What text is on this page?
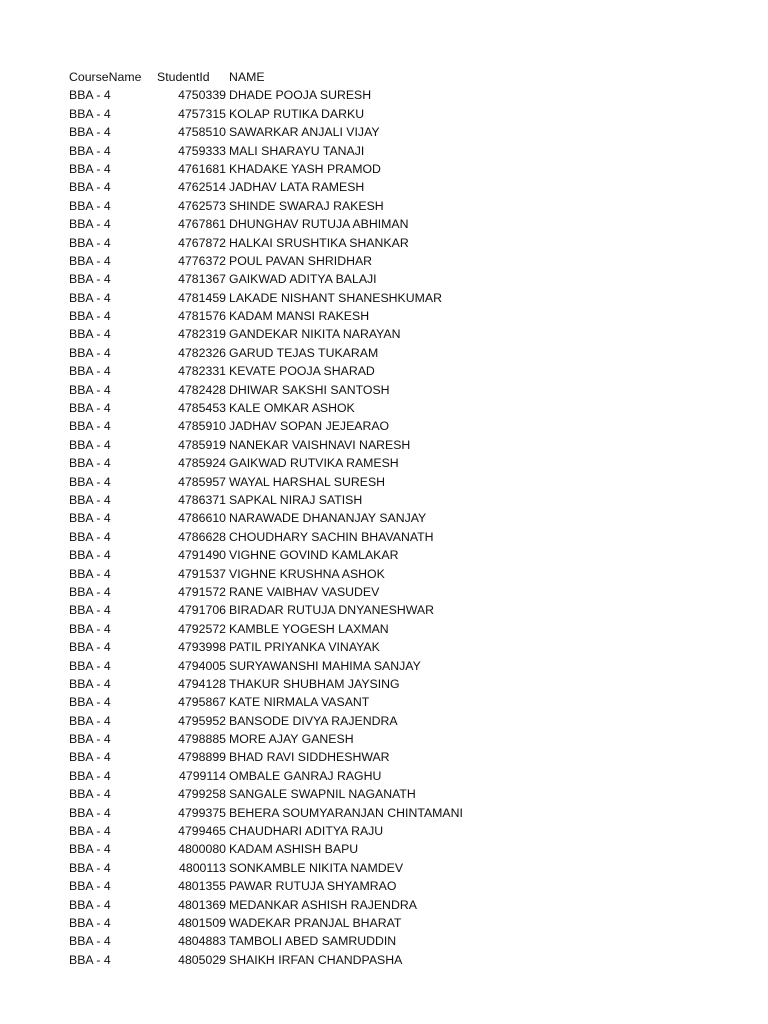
CourseName StudentId NAME
BBA - 4	4750339 DHADE POOJA SURESH
BBA - 4	4757315 KOLAP RUTIKA DARKU
BBA - 4	4758510 SAWARKAR ANJALI VIJAY
BBA - 4	4759333 MALI SHARAYU TANAJI
BBA - 4	4761681 KHADAKE YASH PRAMOD
BBA - 4	4762514 JADHAV LATA RAMESH
BBA - 4	4762573 SHINDE SWARAJ RAKESH
BBA - 4	4767861 DHUNGHAV RUTUJA ABHIMAN
BBA - 4	4767872 HALKAI SRUSHTIKA SHANKAR
BBA - 4	4776372 POUL PAVAN SHRIDHAR
BBA - 4	4781367 GAIKWAD ADITYA BALAJI
BBA - 4	4781459 LAKADE NISHANT SHANESHKUMAR
BBA - 4	4781576 KADAM MANSI RAKESH
BBA - 4	4782319 GANDEKAR NIKITA NARAYAN
BBA - 4	4782326 GARUD TEJAS TUKARAM
BBA - 4	4782331 KEVATE POOJA SHARAD
BBA - 4	4782428 DHIWAR SAKSHI SANTOSH
BBA - 4	4785453 KALE OMKAR ASHOK
BBA - 4	4785910 JADHAV SOPAN JEJEARAO
BBA - 4	4785919 NANEKAR VAISHNAVI NARESH
BBA - 4	4785924 GAIKWAD RUTVIKA RAMESH
BBA - 4	4785957 WAYAL HARSHAL SURESH
BBA - 4	4786371 SAPKAL NIRAJ SATISH
BBA - 4	4786610 NARAWADE DHANANJAY SANJAY
BBA - 4	4786628 CHOUDHARY SACHIN BHAVANATH
BBA - 4	4791490 VIGHNE GOVIND KAMLAKAR
BBA - 4	4791537 VIGHNE KRUSHNA ASHOK
BBA - 4	4791572 RANE VAIBHAV VASUDEV
BBA - 4	4791706 BIRADAR RUTUJA DNYANESHWAR
BBA - 4	4792572 KAMBLE YOGESH LAXMAN
BBA - 4	4793998 PATIL PRIYANKA VINAYAK
BBA - 4	4794005 SURYAWANSHI MAHIMA SANJAY
BBA - 4	4794128 THAKUR SHUBHAM JAYSING
BBA - 4	4795867 KATE NIRMALA VASANT
BBA - 4	4795952 BANSODE DIVYA RAJENDRA
BBA - 4	4798885 MORE AJAY GANESH
BBA - 4	4798899 BHAD RAVI SIDDHESHWAR
BBA - 4	4799114 OMBALE GANRAJ RAGHU
BBA - 4	4799258 SANGALE SWAPNIL NAGANATH
BBA - 4	4799375 BEHERA SOUMYARANJAN CHINTAMANI
BBA - 4	4799465 CHAUDHARI ADITYA RAJU
BBA - 4	4800080 KADAM ASHISH BAPU
BBA - 4	4800113 SONKAMBLE NIKITA NAMDEV
BBA - 4	4801355 PAWAR RUTUJA SHYAMRAO
BBA - 4	4801369 MEDANKAR ASHISH RAJENDRA
BBA - 4	4801509 WADEKAR PRANJAL BHARAT
BBA - 4	4804883 TAMBOLI ABED SAMRUDDIN
BBA - 4	4805029 SHAIKH IRFAN CHANDPASHA
